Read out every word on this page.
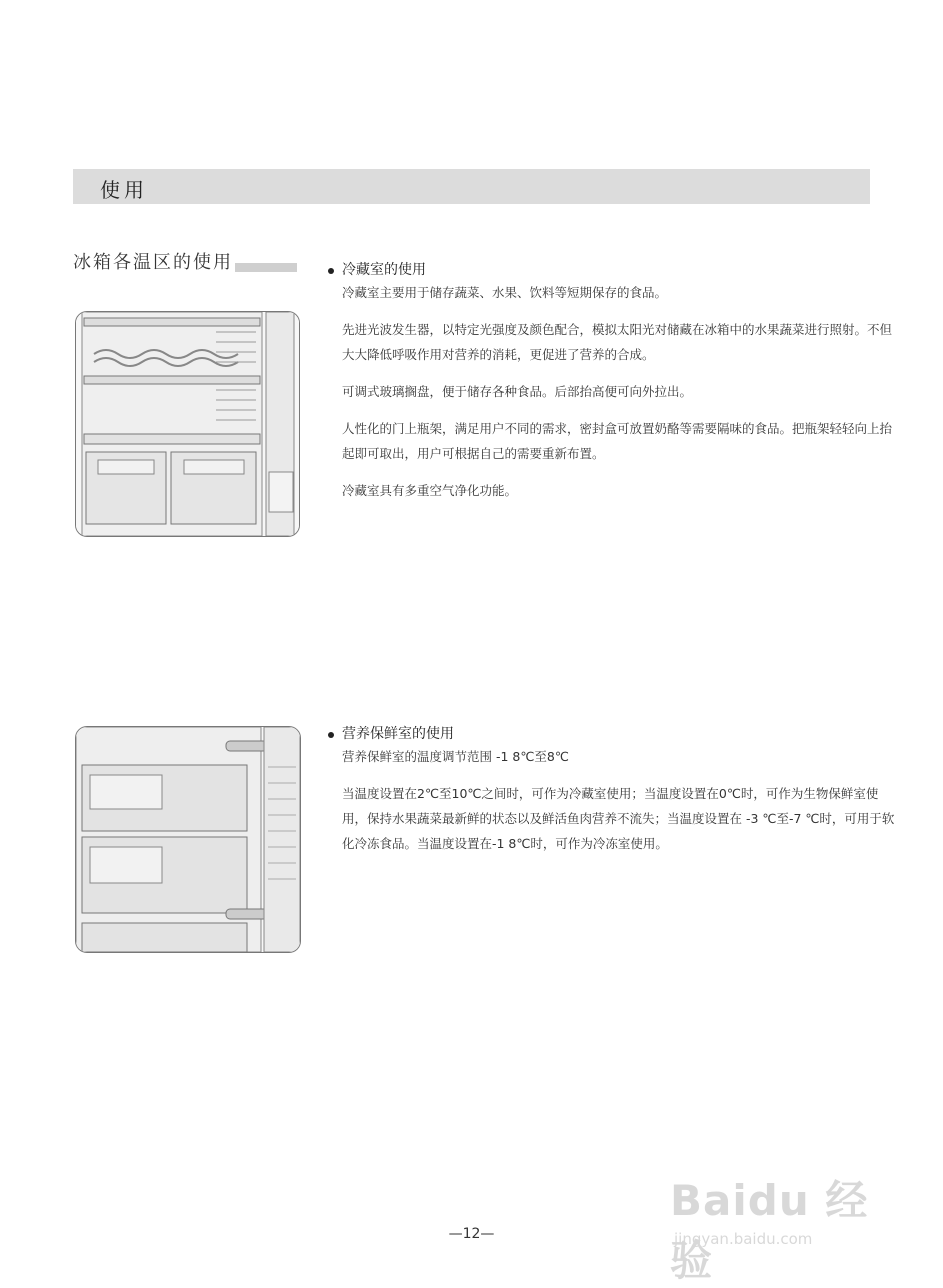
使用
冰箱各温区的使用	冷藏室的使用

冷藏室主要用于储存蔬菜、水果、饮料等短期保存的食品。

先进光波发生器，以特定光强度及颜色配合，模拟太阳光对储藏在冰箱中的水果蔬菜进行照射。不但大大降低呼吸作用对营养的消耗，更促进了营养的合成。

可调式玻璃搁盘，便于储存各种食品。后部抬高便可向外拉出。

人性化的门上瓶架，满足用户不同的需求，密封盒可放置奶酪等需要隔味的食品。把瓶架轻轻向上抬起即可取出，用户可根据自己的需要重新布置。

冷藏室具有多重空气净化功能。

营养保鲜室的使用

营养保鲜室的温度调节范围 -1 8℃至8℃

当温度设置在2℃至10℃之间时，可作为冷藏室使用；当温度设置在0℃时，可作为生物保鲜室使用，保持水果蔬菜最新鲜的状态以及鲜活鱼肉营养不流失；当温度设置在 -3 ℃至-7 ℃时，可用于软化冷冻食品。当温度设置在-1 8℃时，可作为冷冻室使用。

Baidu 经验
jingyan.baidu.com
—12—
